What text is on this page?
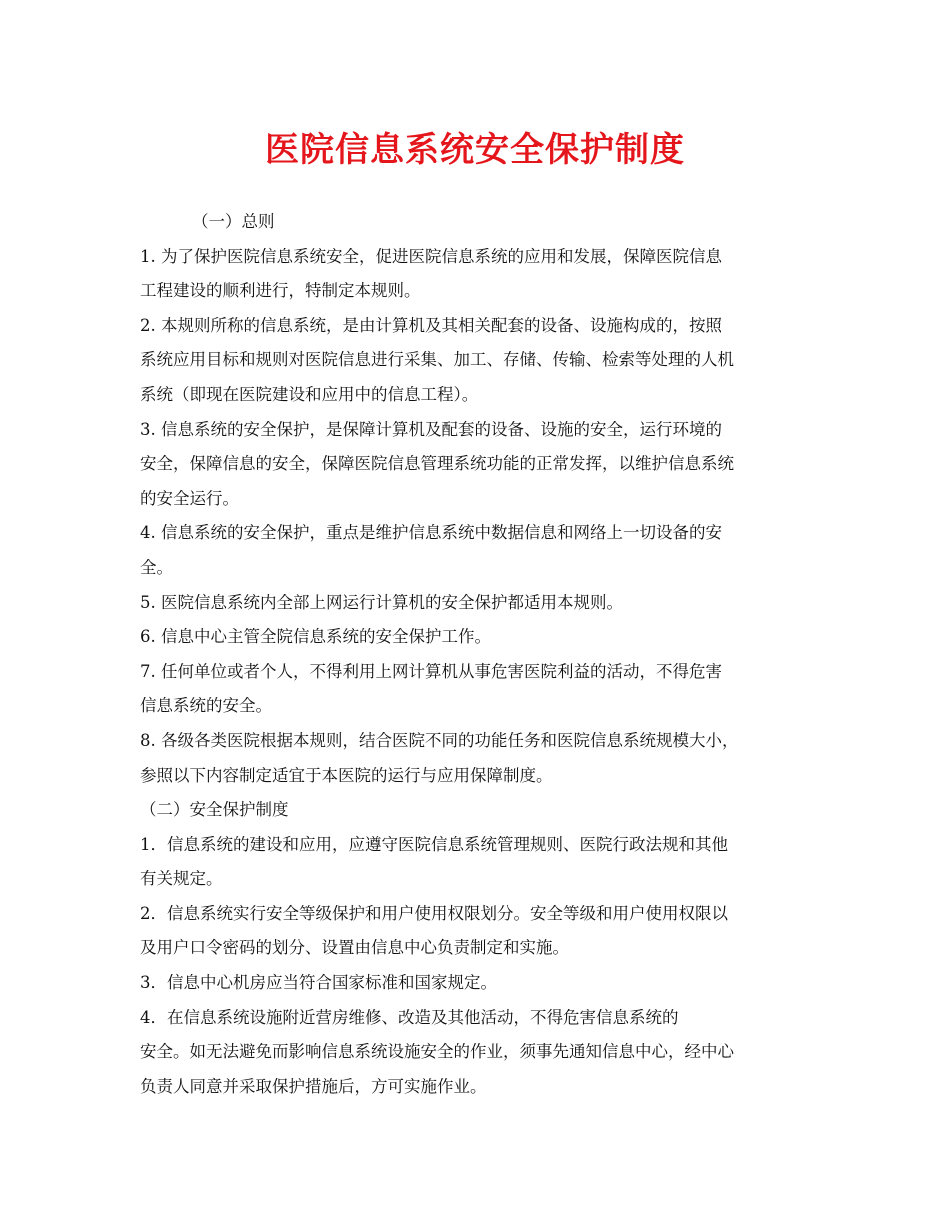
医院信息系统安全保护制度
（一）总则
1. 为了保护医院信息系统安全，促进医院信息系统的应用和发展，保障医院信息
工程建设的顺利进行，特制定本规则。
2. 本规则所称的信息系统，是由计算机及其相关配套的设备、设施构成的，按照
系统应用目标和规则对医院信息进行采集、加工、存储、传输、检索等处理的人机
系统（即现在医院建设和应用中的信息工程）。
3. 信息系统的安全保护，是保障计算机及配套的设备、设施的安全，运行环境的
安全，保障信息的安全，保障医院信息管理系统功能的正常发挥，以维护信息系统
的安全运行。
4. 信息系统的安全保护，重点是维护信息系统中数据信息和网络上一切设备的安
全。
5. 医院信息系统内全部上网运行计算机的安全保护都适用本规则。
6. 信息中心主管全院信息系统的安全保护工作。
7. 任何单位或者个人，不得利用上网计算机从事危害医院利益的活动，不得危害
信息系统的安全。
8. 各级各类医院根据本规则，结合医院不同的功能任务和医院信息系统规模大小，
参照以下内容制定适宜于本医院的运行与应用保障制度。
（二）安全保护制度
1．信息系统的建设和应用，应遵守医院信息系统管理规则、医院行政法规和其他
有关规定。
2．信息系统实行安全等级保护和用户使用权限划分。安全等级和用户使用权限以
及用户口令密码的划分、设置由信息中心负责制定和实施。
3．信息中心机房应当符合国家标准和国家规定。
4．在信息系统设施附近营房维修、改造及其他活动，不得危害信息系统的
安全。如无法避免而影响信息系统设施安全的作业，须事先通知信息中心，经中心
负责人同意并采取保护措施后，方可实施作业。
